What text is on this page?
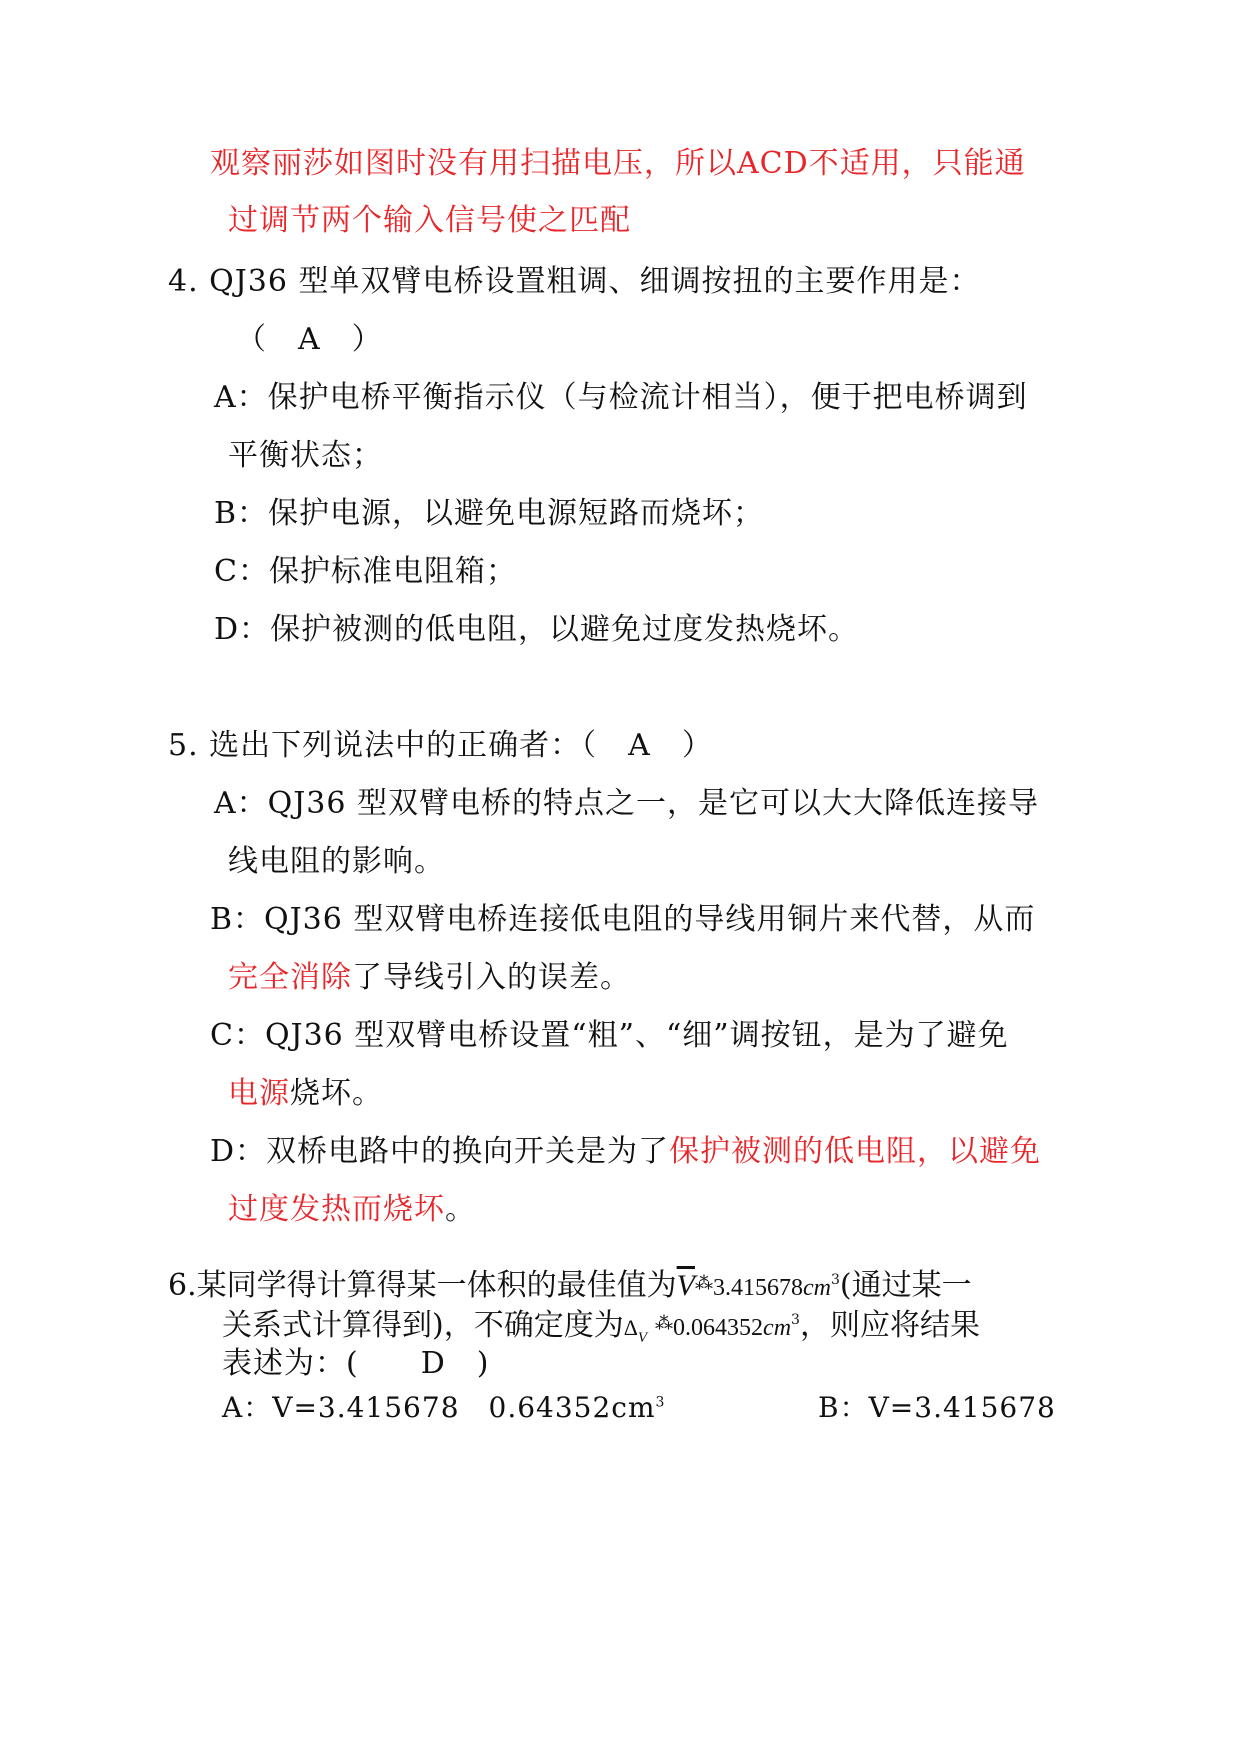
观察丽莎如图时没有用扫描电压，所以ACD不适用，只能通
过调节两个输入信号使之匹配
4. QJ36 型单双臂电桥设置粗调、细调按扭的主要作用是：
（　A　）
A：保护电桥平衡指示仪（与检流计相当），便于把电桥调到
平衡状态；
B：保护电源，以避免电源短路而烧坏；
C：保护标准电阻箱；
D：保护被测的低电阻，以避免过度发热烧坏。
5. 选出下列说法中的正确者：（　A　）
A：QJ36 型双臂电桥的特点之一，是它可以大大降低连接导
线电阻的影响。
B：QJ36 型双臂电桥连接低电阻的导线用铜片来代替，从而
完全消除了导线引入的误差。
C：QJ36 型双臂电桥设置“粗”、“细”调按钮，是为了避免
电源烧坏。
D：双桥电路中的换向开关是为了保护被测的低电阻，以避免
过度发热而烧坏。
6.某同学得计算得某一体积的最佳值为$\overline{V}^⁂3.415678cm^3$(通过某一
关系式计算得到)，不确定度为$\Delta_V^⁂0.064352cm^3$，则应将结果
表述为：(　　D　)
A：V=3.415678　$0.64352cm^3$	B：V=3.415678
